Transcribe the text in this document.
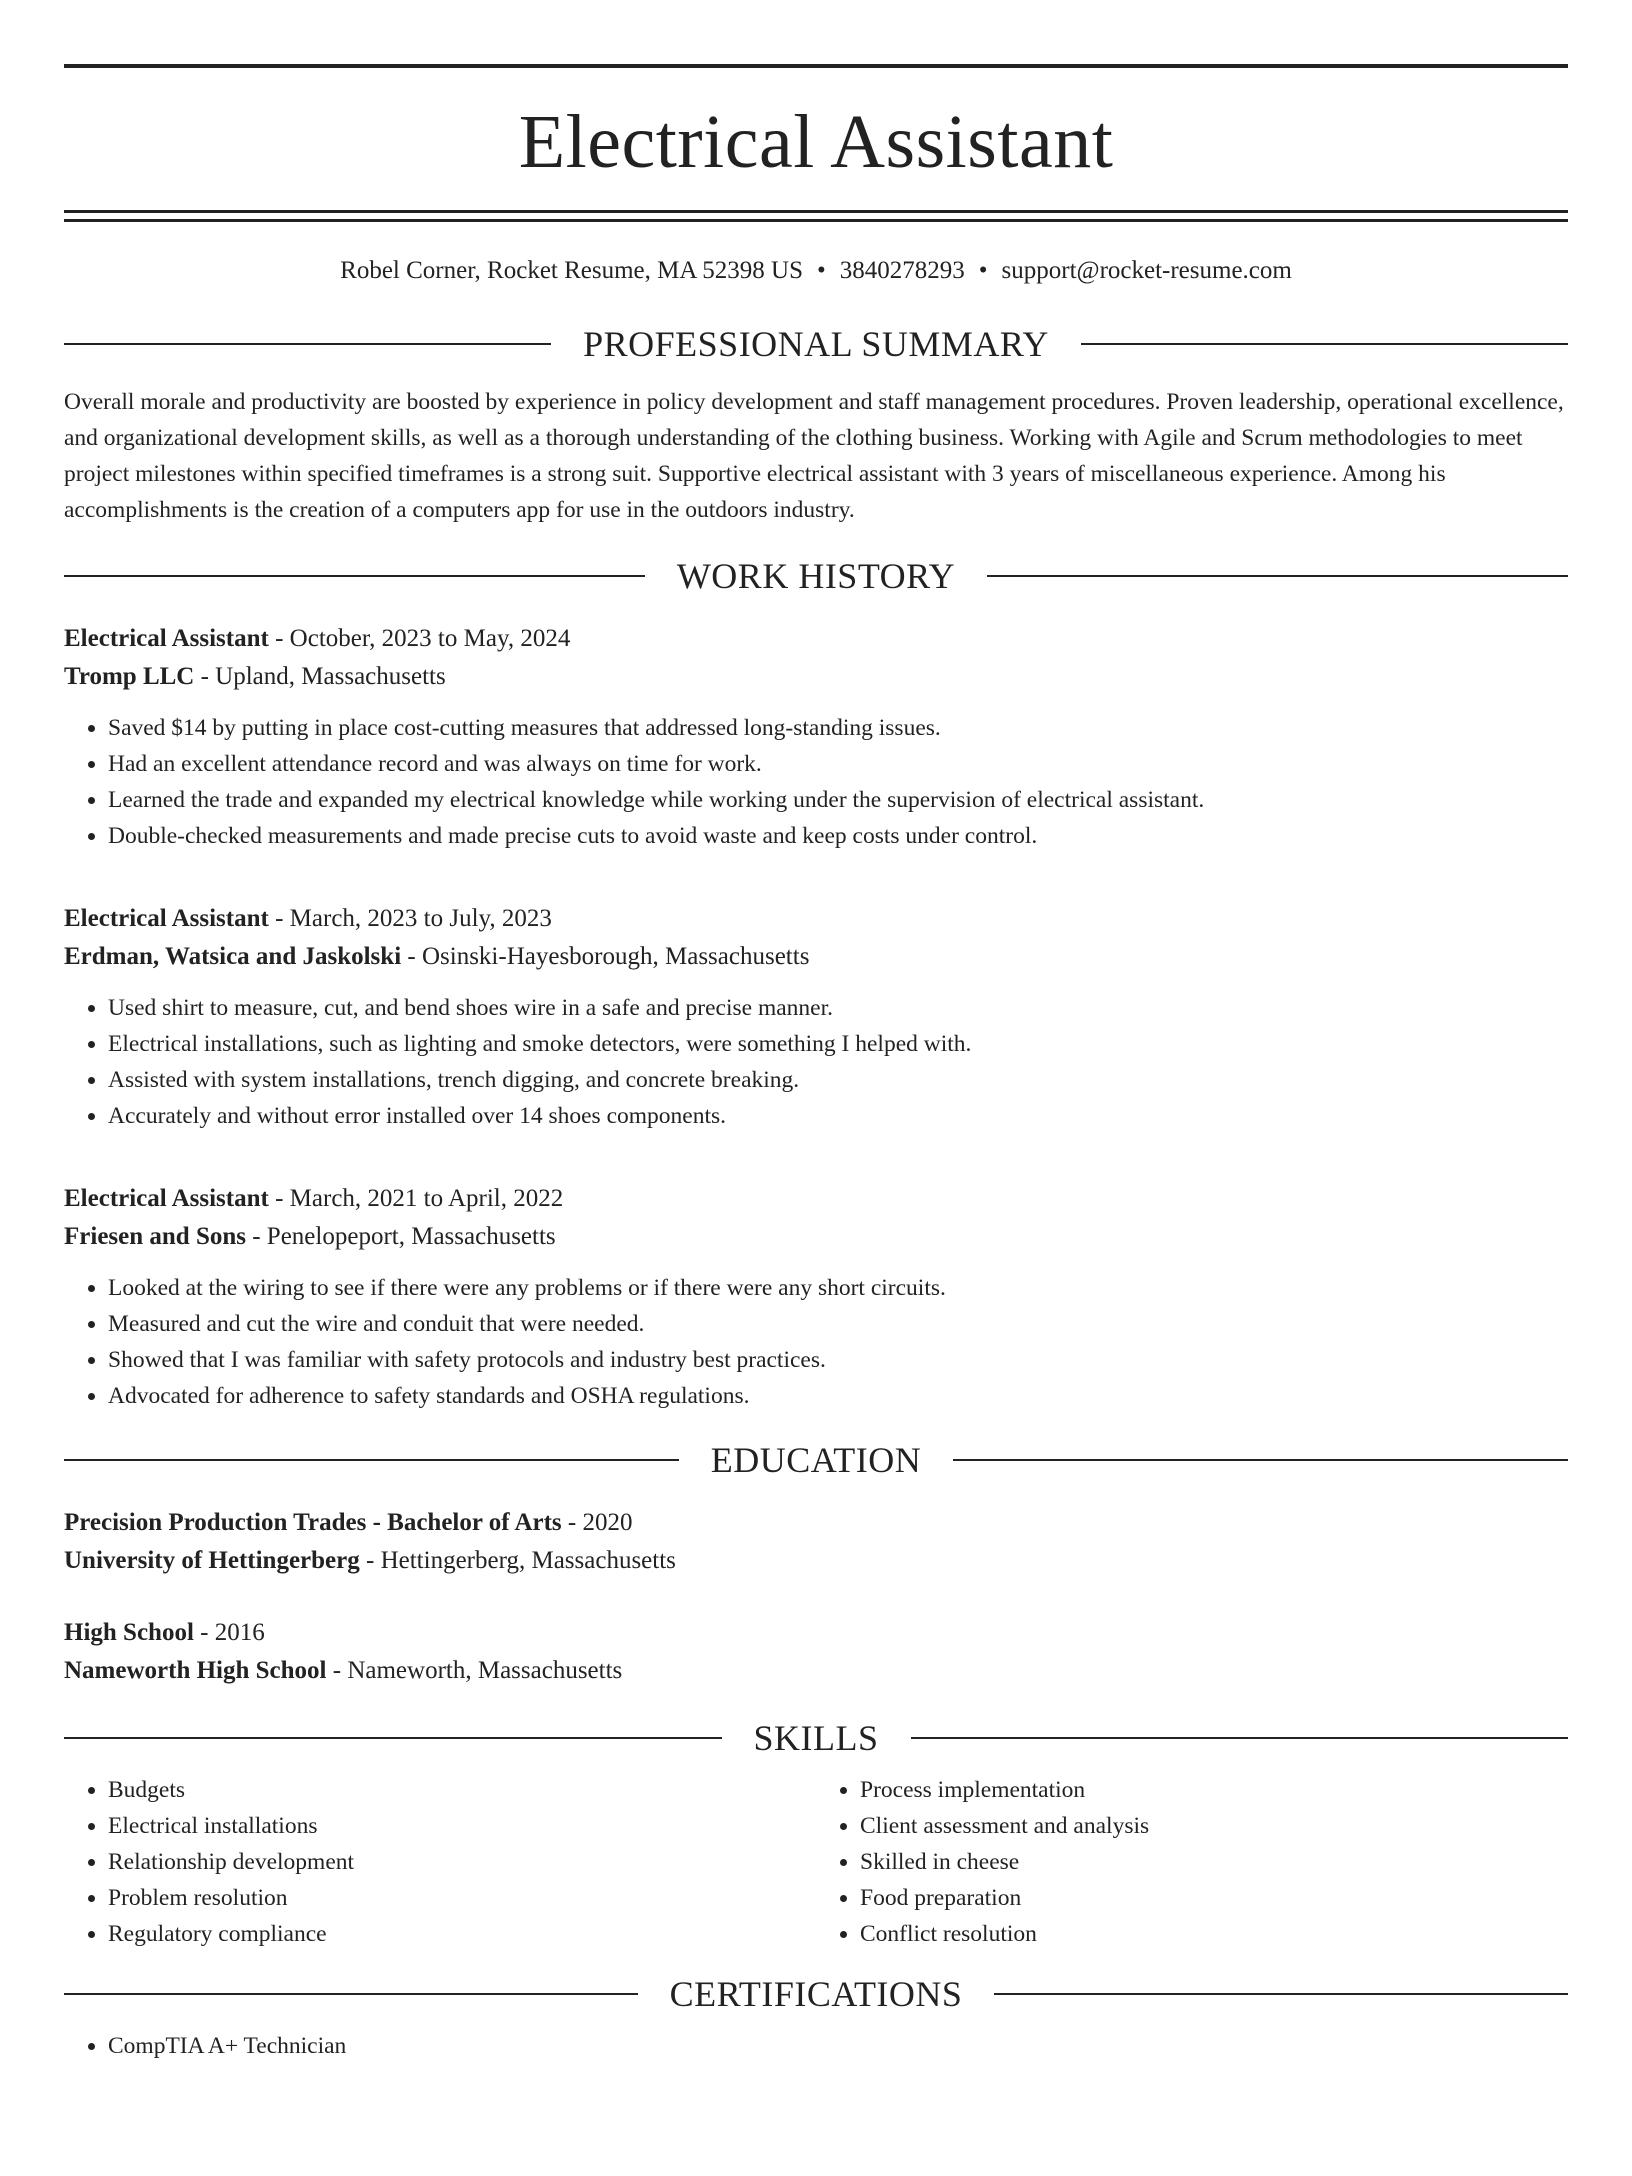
Electrical Assistant
Robel Corner, Rocket Resume, MA 52398 US • 3840278293 • support@rocket-resume.com
PROFESSIONAL SUMMARY

Overall morale and productivity are boosted by experience in policy development and staff management procedures. Proven leadership, operational excellence, and organizational development skills, as well as a thorough understanding of the clothing business. Working with Agile and Scrum methodologies to meet project milestones within specified timeframes is a strong suit. Supportive electrical assistant with 3 years of miscellaneous experience. Among his accomplishments is the creation of a computers app for use in the outdoors industry.

WORK HISTORY
Electrical Assistant - October, 2023 to May, 2024
Tromp LLC - Upland, Massachusetts
• Saved $14 by putting in place cost-cutting measures that addressed long-standing issues.
• Had an excellent attendance record and was always on time for work.
• Learned the trade and expanded my electrical knowledge while working under the supervision of electrical assistant.
• Double-checked measurements and made precise cuts to avoid waste and keep costs under control.
Electrical Assistant - March, 2023 to July, 2023
Erdman, Watsica and Jaskolski - Osinski-Hayesborough, Massachusetts
• Used shirt to measure, cut, and bend shoes wire in a safe and precise manner.
• Electrical installations, such as lighting and smoke detectors, were something I helped with.
• Assisted with system installations, trench digging, and concrete breaking.
• Accurately and without error installed over 14 shoes components.
Electrical Assistant - March, 2021 to April, 2022
Friesen and Sons - Penelopeport, Massachusetts
• Looked at the wiring to see if there were any problems or if there were any short circuits.
• Measured and cut the wire and conduit that were needed.
• Showed that I was familiar with safety protocols and industry best practices.
• Advocated for adherence to safety standards and OSHA regulations.
EDUCATION
Precision Production Trades - Bachelor of Arts - 2020
University of Hettingerberg - Hettingerberg, Massachusetts
High School - 2016
Nameworth High School - Nameworth, Massachusetts
SKILLS
• Budgets
• Electrical installations
• Relationship development
• Problem resolution
• Regulatory compliance
• Process implementation
• Client assessment and analysis
• Skilled in cheese
• Food preparation
• Conflict resolution
CERTIFICATIONS
• CompTIA A+ Technician
